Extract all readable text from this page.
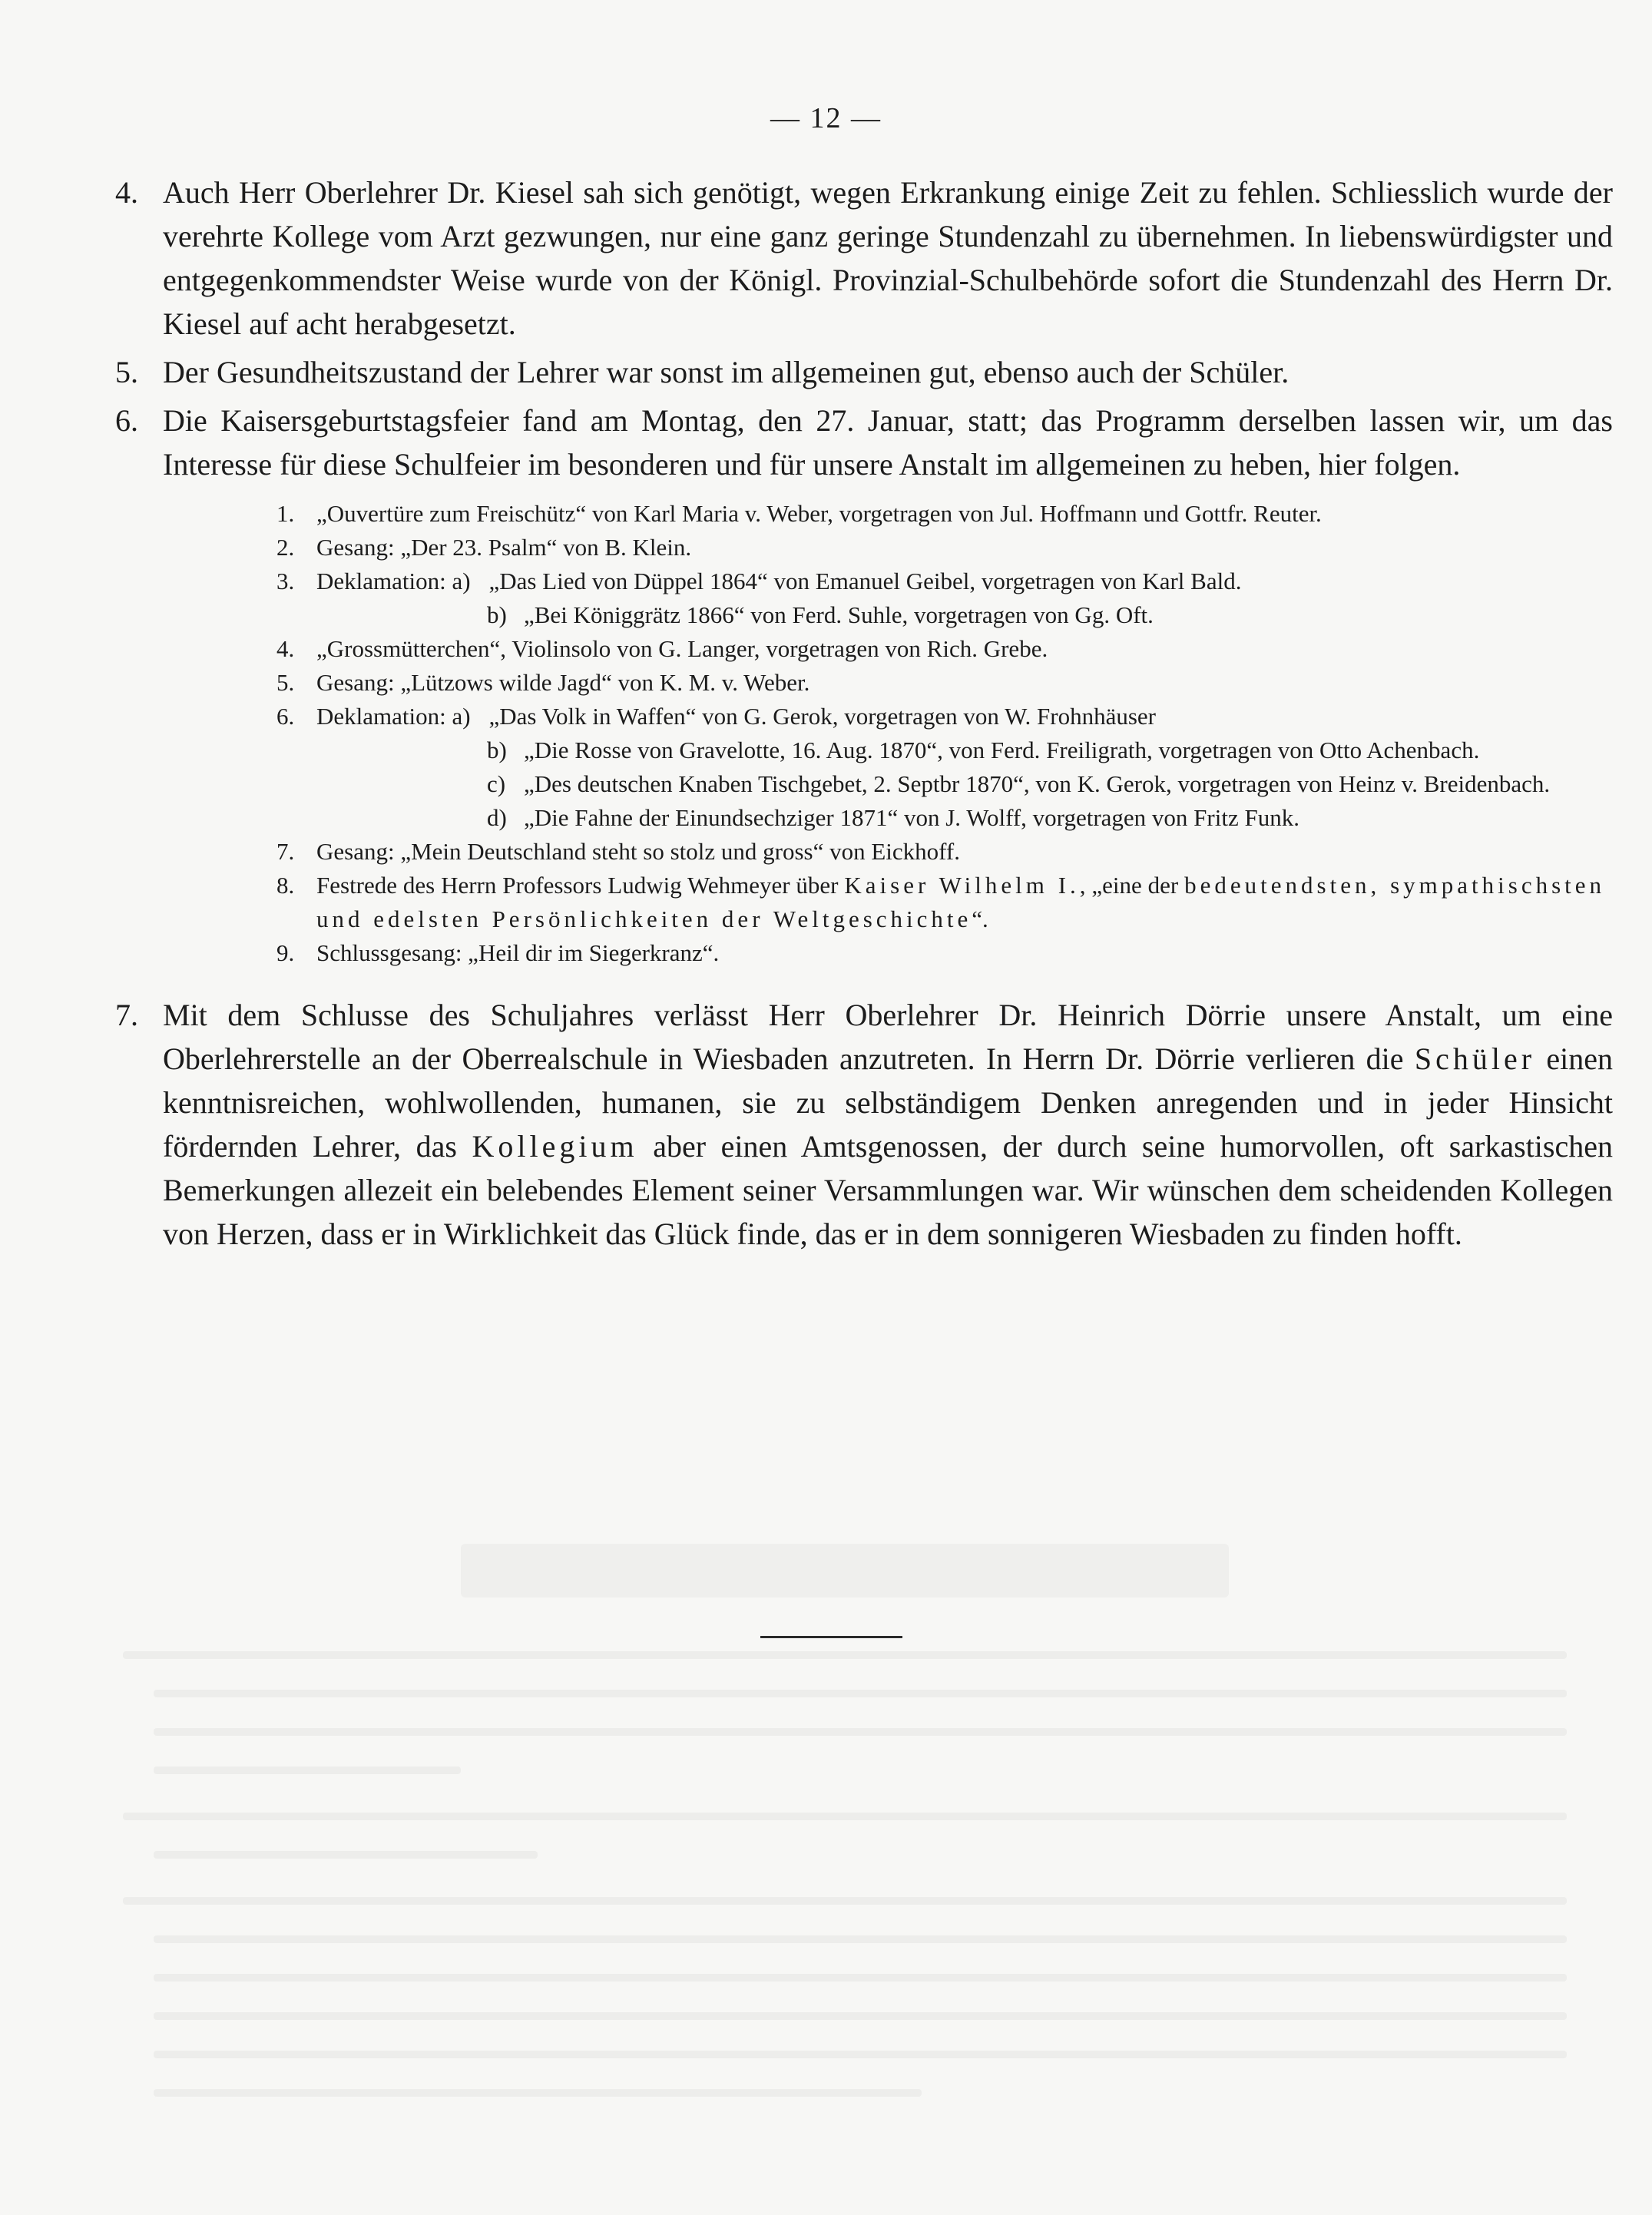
— 12 —
4. Auch Herr Oberlehrer Dr. Kiesel sah sich genötigt, wegen Erkrankung einige Zeit zu fehlen. Schliesslich wurde der verehrte Kollege vom Arzt gezwungen, nur eine ganz geringe Stundenzahl zu übernehmen. In liebenswürdigster und entgegenkommendster Weise wurde von der Königl. Provinzial-Schulbehörde sofort die Stundenzahl des Herrn Dr. Kiesel auf acht herabgesetzt.
5. Der Gesundheitszustand der Lehrer war sonst im allgemeinen gut, ebenso auch der Schüler.
6. Die Kaisersgeburtstagsfeier fand am Montag, den 27. Januar, statt; das Programm derselben lassen wir, um das Interesse für diese Schulfeier im besonderen und für unsere Anstalt im allgemeinen zu heben, hier folgen.
1. „Ouvertüre zum Freischütz“ von Karl Maria v. Weber, vorgetragen von Jul. Hoffmann und Gottfr. Reuter.
2. Gesang: „Der 23. Psalm“ von B. Klein.
3. Deklamation: a) „Das Lied von Düppel 1864“ von Emanuel Geibel, vorgetragen von Karl Bald.
b) „Bei Königgrätz 1866“ von Ferd. Suhle, vorgetragen von Gg. Oft.
4. „Grossmütterchen“, Violinsolo von G. Langer, vorgetragen von Rich. Grebe.
5. Gesang: „Lützows wilde Jagd“ von K. M. v. Weber.
6. Deklamation: a) „Das Volk in Waffen“ von G. Gerok, vorgetragen von W. Frohnhäuser
b) „Die Rosse von Gravelotte, 16. Aug. 1870“, von Ferd. Freiligrath, vorgetragen von Otto Achenbach.
c) „Des deutschen Knaben Tischgebet, 2. Septbr 1870“, von K. Gerok, vorgetragen von Heinz v. Breidenbach.
d) „Die Fahne der Einundsechziger 1871“ von J. Wolff, vorgetragen von Fritz Funk.
7. Gesang: „Mein Deutschland steht so stolz und gross“ von Eickhoff.
8. Festrede des Herrn Professors Ludwig Wehmeyer über Kaiser Wilhelm I., „eine der bedeutendsten, sympathischsten und edelsten Persönlichkeiten der Weltgeschichte“.
9. Schlussgesang: „Heil dir im Siegerkranz“.
7. Mit dem Schlusse des Schuljahres verlässt Herr Oberlehrer Dr. Heinrich Dörrie unsere Anstalt, um eine Oberlehrerstelle an der Oberrealschule in Wiesbaden anzutreten. In Herrn Dr. Dörrie verlieren die Schüler einen kenntnisreichen, wohlwollenden, humanen, sie zu selbständigem Denken anregenden und in jeder Hinsicht fördernden Lehrer, das Kollegium aber einen Amtsgenossen, der durch seine humorvollen, oft sarkastischen Bemerkungen allezeit ein belebendes Element seiner Versammlungen war. Wir wünschen dem scheidenden Kollegen von Herzen, dass er in Wirklichkeit das Glück finde, das er in dem sonnigeren Wiesbaden zu finden hofft.
